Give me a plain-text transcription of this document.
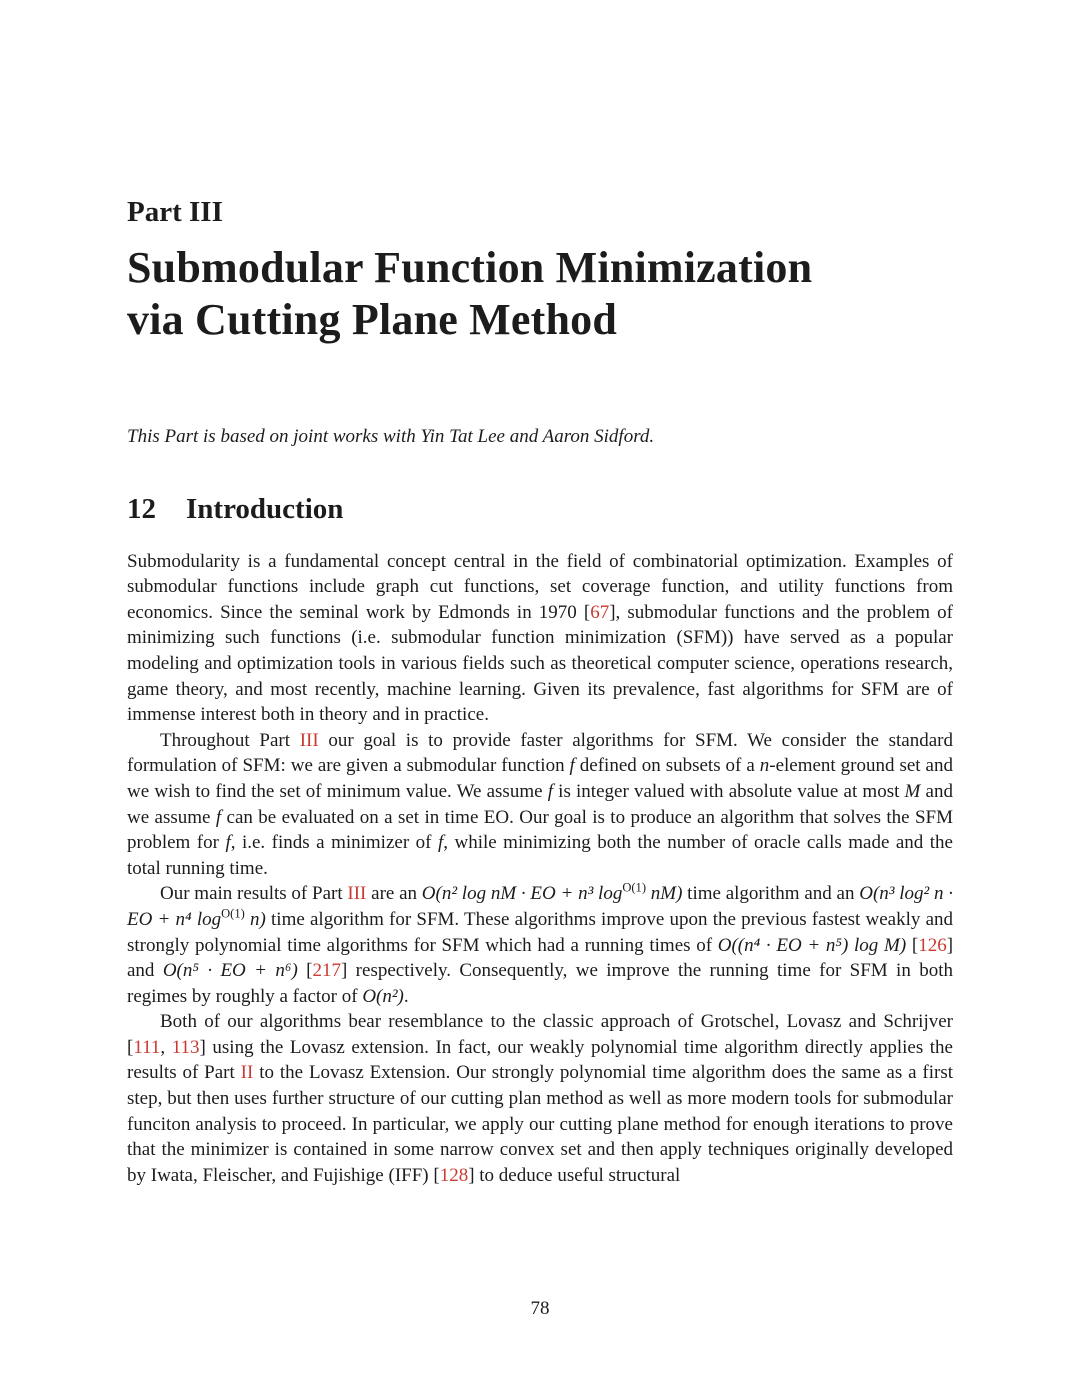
Part III
Submodular Function Minimization
via Cutting Plane Method

This Part is based on joint works with Yin Tat Lee and Aaron Sidford.

12 Introduction

Submodularity is a fundamental concept central in the field of combinatorial optimization. Examples of submodular functions include graph cut functions, set coverage function, and utility functions from economics. Since the seminal work by Edmonds in 1970 [67], submodular functions and the problem of minimizing such functions (i.e. submodular function minimization (SFM)) have served as a popular modeling and optimization tools in various fields such as theoretical computer science, operations research, game theory, and most recently, machine learning. Given its prevalence, fast algorithms for SFM are of immense interest both in theory and in practice.

Throughout Part III our goal is to provide faster algorithms for SFM. We consider the standard formulation of SFM: we are given a submodular function f defined on subsets of a n-element ground set and we wish to find the set of minimum value. We assume f is integer valued with absolute value at most M and we assume f can be evaluated on a set in time EO. Our goal is to produce an algorithm that solves the SFM problem for f, i.e. finds a minimizer of f, while minimizing both the number of oracle calls made and the total running time.

Our main results of Part III are an O(n² log nM · EO + n³ $\log^{O(1)} nM$) time algorithm and an O(n³ log² n · EO + n⁴ $\log^{O(1)} n$) time algorithm for SFM. These algorithms improve upon the previous fastest weakly and strongly polynomial time algorithms for SFM which had a running times of O((n⁴ · EO + n⁵) log M) [126] and O(n⁵ · EO + n⁶) [217] respectively. Consequently, we improve the running time for SFM in both regimes by roughly a factor of O(n²).

Both of our algorithms bear resemblance to the classic approach of Grotschel, Lovasz and Schrijver [111, 113] using the Lovasz extension. In fact, our weakly polynomial time algorithm directly applies the results of Part II to the Lovasz Extension. Our strongly polynomial time algorithm does the same as a first step, but then uses further structure of our cutting plan method as well as more modern tools for submodular funciton analysis to proceed. In particular, we apply our cutting plane method for enough iterations to prove that the minimizer is contained in some narrow convex set and then apply techniques originally developed by Iwata, Fleischer, and Fujishige (IFF) [128] to deduce useful structural

78
